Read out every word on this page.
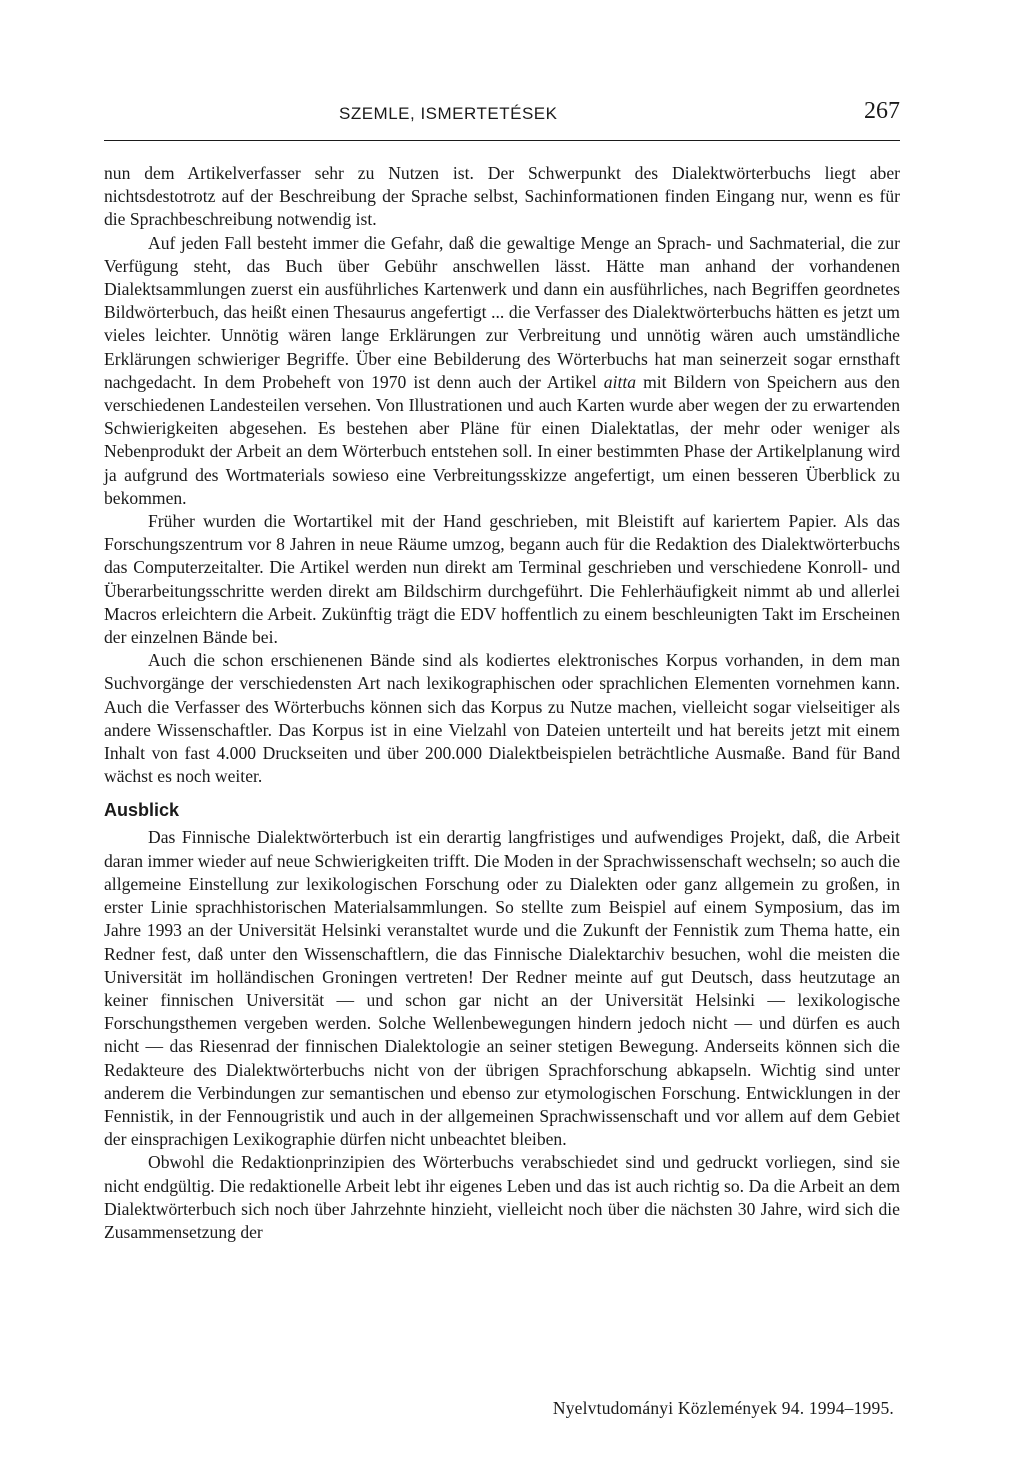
SZEMLE, ISMERTETÉSEK	267

nun dem Artikelverfasser sehr zu Nutzen ist. Der Schwerpunkt des Dialektwörterbuchs liegt aber nichtsdestotrotz auf der Beschreibung der Sprache selbst, Sachinformationen finden Eingang nur, wenn es für die Sprachbeschreibung notwendig ist.

Auf jeden Fall besteht immer die Gefahr, daß die gewaltige Menge an Sprach- und Sachmaterial, die zur Verfügung steht, das Buch über Gebühr anschwellen lässt. Hätte man anhand der vorhandenen Dialektsammlungen zuerst ein ausführliches Kartenwerk und dann ein ausführliches, nach Begriffen geordnetes Bildwörterbuch, das heißt einen Thesaurus angefertigt ... die Verfasser des Dialektwörterbuchs hätten es jetzt um vieles leichter. Unnötig wären lange Erklärungen zur Verbreitung und unnötig wären auch umständliche Erklärungen schwieriger Begriffe. Über eine Bebilderung des Wörterbuchs hat man seinerzeit sogar ernsthaft nachgedacht. In dem Probeheft von 1970 ist denn auch der Artikel aitta mit Bildern von Speichern aus den verschiedenen Landesteilen versehen. Von Illustrationen und auch Karten wurde aber wegen der zu erwartenden Schwierigkeiten abgesehen. Es bestehen aber Pläne für einen Dialektatlas, der mehr oder weniger als Nebenprodukt der Arbeit an dem Wörterbuch entstehen soll. In einer bestimmten Phase der Artikelplanung wird ja aufgrund des Wortmaterials sowieso eine Verbreitungsskizze angefertigt, um einen besseren Überblick zu bekommen.

Früher wurden die Wortartikel mit der Hand geschrieben, mit Bleistift auf kariertem Papier. Als das Forschungszentrum vor 8 Jahren in neue Räume umzog, begann auch für die Redaktion des Dialektwörterbuchs das Computerzeitalter. Die Artikel werden nun direkt am Terminal geschrieben und verschiedene Konroll- und Überarbeitungsschritte werden direkt am Bildschirm durchgeführt. Die Fehlerhäufigkeit nimmt ab und allerlei Macros erleichtern die Arbeit. Zukünftig trägt die EDV hoffentlich zu einem beschleunigten Takt im Erscheinen der einzelnen Bände bei.

Auch die schon erschienenen Bände sind als kodiertes elektronisches Korpus vorhanden, in dem man Suchvorgänge der verschiedensten Art nach lexikographischen oder sprachlichen Elementen vornehmen kann. Auch die Verfasser des Wörterbuchs können sich das Korpus zu Nutze machen, vielleicht sogar vielseitiger als andere Wissenschaftler. Das Korpus ist in eine Vielzahl von Dateien unterteilt und hat bereits jetzt mit einem Inhalt von fast 4.000 Druckseiten und über 200.000 Dialektbeispielen beträchtliche Ausmaße. Band für Band wächst es noch weiter.

Ausblick

Das Finnische Dialektwörterbuch ist ein derartig langfristiges und aufwendiges Projekt, daß, die Arbeit daran immer wieder auf neue Schwierigkeiten trifft. Die Moden in der Sprachwissenschaft wechseln; so auch die allgemeine Einstellung zur lexikologischen Forschung oder zu Dialekten oder ganz allgemein zu großen, in erster Linie sprachhistorischen Materialsammlungen. So stellte zum Beispiel auf einem Symposium, das im Jahre 1993 an der Universität Helsinki veranstaltet wurde und die Zukunft der Fennistik zum Thema hatte, ein Redner fest, daß unter den Wissenschaftlern, die das Finnische Dialektarchiv besuchen, wohl die meisten die Universität im holländischen Groningen vertreten! Der Redner meinte auf gut Deutsch, dass heutzutage an keiner finnischen Universität — und schon gar nicht an der Universität Helsinki — lexikologische Forschungsthemen vergeben werden. Solche Wellenbewegungen hindern jedoch nicht — und dürfen es auch nicht — das Riesenrad der finnischen Dialektologie an seiner stetigen Bewegung. Anderseits können sich die Redakteure des Dialektwörterbuchs nicht von der übrigen Sprachforschung abkapseln. Wichtig sind unter anderem die Verbindungen zur semantischen und ebenso zur etymologischen Forschung. Entwicklungen in der Fennistik, in der Fennougristik und auch in der allgemeinen Sprachwissenschaft und vor allem auf dem Gebiet der einsprachigen Lexikographie dürfen nicht unbeachtet bleiben.

Obwohl die Redaktionprinzipien des Wörterbuchs verabschiedet sind und gedruckt vorliegen, sind sie nicht endgültig. Die redaktionelle Arbeit lebt ihr eigenes Leben und das ist auch richtig so. Da die Arbeit an dem Dialektwörterbuch sich noch über Jahrzehnte hinzieht, vielleicht noch über die nächsten 30 Jahre, wird sich die Zusammensetzung der

Nyelvtudományi Közlemények 94. 1994–1995.
